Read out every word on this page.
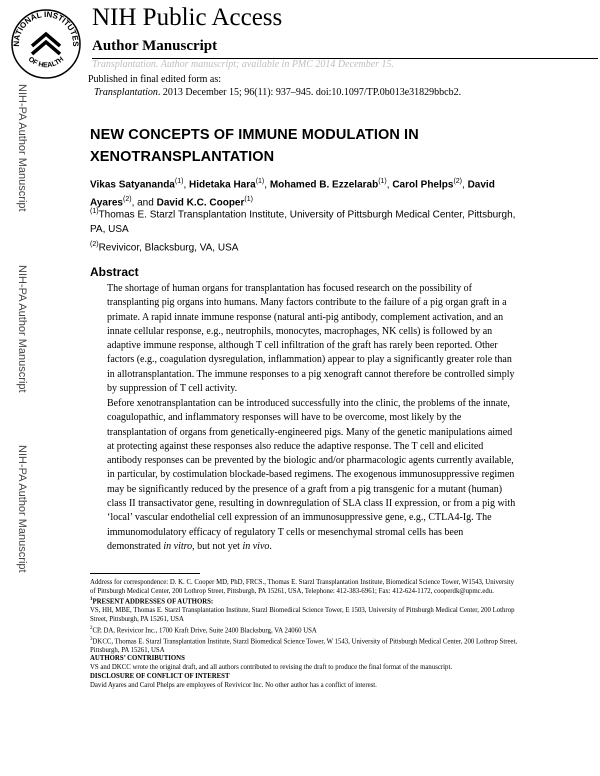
NATIONAL INSTITUTES
OF HEALTH
NIH Public Access
Author Manuscript
Transplantation. Author manuscript; available in PMC 2014 December 15.
NIH-PA Author Manuscript
NIH-PA Author Manuscript
NIH-PA Author Manuscript
Published in final edited form as:
Transplantation. 2013 December 15; 96(11): 937–945. doi:10.1097/TP.0b013e31829bbcb2.
NEW CONCEPTS OF IMMUNE MODULATION IN
XENOTRANSPLANTATION
Vikas Satyananda$^{(1)}$, Hidetaka Hara$^{(1)}$, Mohamed B. Ezzelarab$^{(1)}$, Carol Phelps$^{(2)}$, David Ayares$^{(2)}$, and David K.C. Cooper$^{(1)}$
$^{(1)}$Thomas E. Starzl Transplantation Institute, University of Pittsburgh Medical Center, Pittsburgh, PA, USA
$^{(2)}$Revivicor, Blacksburg, VA, USA
Abstract

The shortage of human organs for transplantation has focused research on the possibility of transplanting pig organs into humans. Many factors contribute to the failure of a pig organ graft in a primate. A rapid innate immune response (natural anti-pig antibody, complement activation, and an innate cellular response, e.g., neutrophils, monocytes, macrophages, NK cells) is followed by an adaptive immune response, although T cell infiltration of the graft has rarely been reported. Other factors (e.g., coagulation dysregulation, inflammation) appear to play a significantly greater role than in allotransplantation. The immune responses to a pig xenograft cannot therefore be controlled simply by suppression of T cell activity.

Before xenotransplantation can be introduced successfully into the clinic, the problems of the innate, coagulopathic, and inflammatory responses will have to be overcome, most likely by the transplantation of organs from genetically-engineered pigs. Many of the genetic manipulations aimed at protecting against these responses also reduce the adaptive response. The T cell and elicited antibody responses can be prevented by the biologic and/or pharmacologic agents currently available, in particular, by costimulation blockade-based regimens. The exogenous immunosuppressive regimen may be significantly reduced by the presence of a graft from a pig transgenic for a mutant (human) class II transactivator gene, resulting in downregulation of SLA class II expression, or from a pig with ‘local’ vascular endothelial cell expression of an immunosuppressive gene, e.g., CTLA4-Ig. The immunomodulatory efficacy of regulatory T cells or mesenchymal stromal cells has been demonstrated in vitro, but not yet in vivo.

Address for correspondence: D. K. C. Cooper MD, PhD, FRCS., Thomas E. Starzl Transplantation Institute, Biomedical Science Tower, W1543, University of Pittsburgh Medical Center, 200 Lothrop Street, Pittsburgh, PA 15261, USA, Telephone: 412-383-6961; Fax: 412-624-1172, cooperdk@upmc.edu.
$^1$PRESENT ADDRESSES OF AUTHORS:
VS, HH, MBE, Thomas E. Starzl Transplantation Institute, Starzl Biomedical Science Tower, E 1503, University of Pittsburgh Medical Center, 200 Lothrop Street, Pittsburgh, PA 15261, USA
$^2$CP, DA, Revivicor Inc., 1700 Kraft Drive, Suite 2400 Blacksburg, VA 24060 USA
$^3$DKCC, Thomas E. Starzl Transplantation Institute, Starzl Biomedical Science Tower, W 1543, University of Pittsburgh Medical Center, 200 Lothrop Street, Pittsburgh, PA 15261, USA
AUTHORS’ CONTRIBUTIONS
VS and DKCC wrote the original draft, and all authors contributed to revising the draft to produce the final format of the manuscript.
DISCLOSURE OF CONFLICT OF INTEREST
David Ayares and Carol Phelps are employees of Revivicor Inc. No other author has a conflict of interest.
